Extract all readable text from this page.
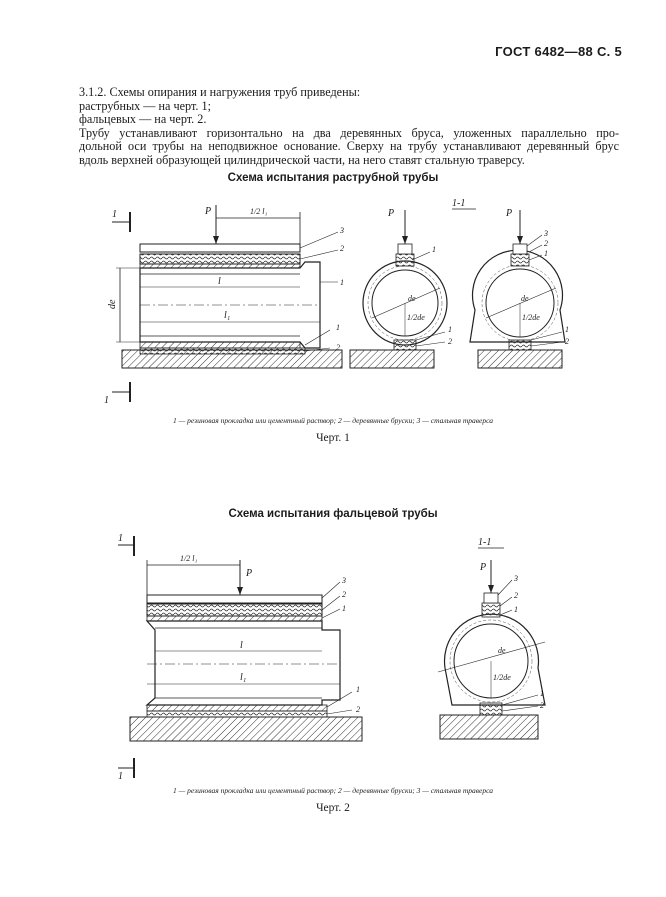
ГОСТ 6482—88 С. 5

3.1.2. Схемы опирания и нагружения труб приведены:

раструбных — на черт. 1;

фальцевых — на черт. 2.

Трубу устанавливают горизонтально на два деревянных бруса, уложенных параллельно про-

дольной оси трубы на неподвижное основание. Сверху на трубу устанавливают деревянный брус

вдоль верхней образующей цилиндрической части, на него ставят стальную траверсу.

Схема испытания раструбной трубы
1
1
P	1/2 l₁
l
l₁
dе
3
2
1
1
2
P
dе
1/2dе
1
1
2
1-1
P
dе
1/2dе
3
2
1
1
2
1 — резиновая прокладка или цементный раствор; 2 — деревянные бруски; 3 — стальная траверса
Черт. 1
Схема испытания фальцевой трубы
1
1
P
1/2 l₁
l
l₁
3
2
1
1
2
1-1
P
dе
1/2dе
3
2
1
1
2
1 — резиновая прокладка или цементный раствор; 2 — деревянные бруски; 3 — стальная траверса
Черт. 2
